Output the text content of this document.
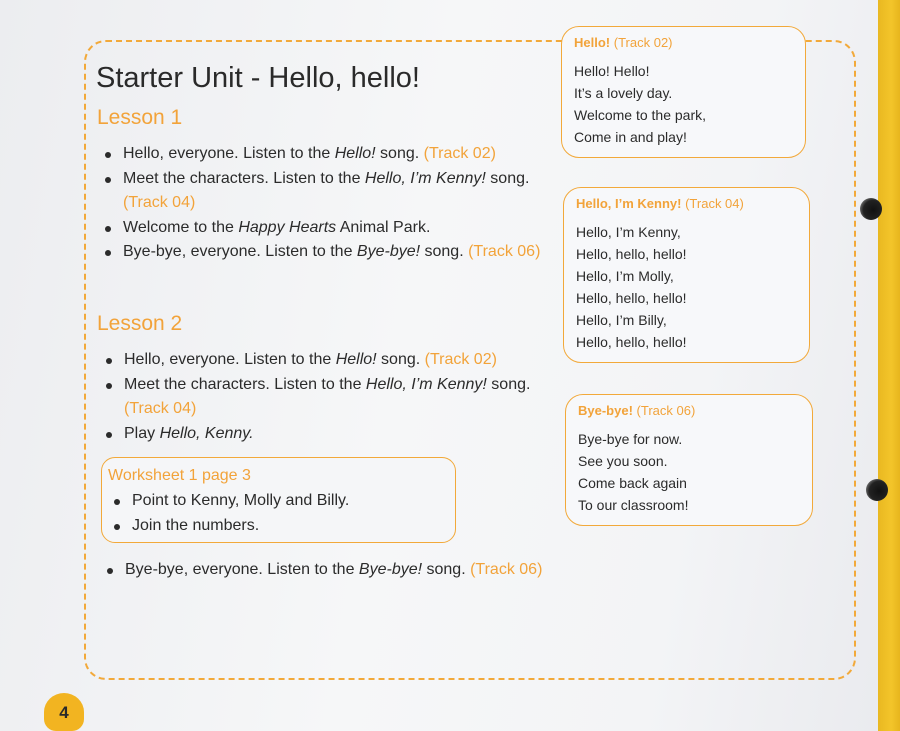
Starter Unit - Hello, hello!
Lesson 1
Hello, everyone. Listen to the Hello! song. (Track 02)
Meet the characters. Listen to the Hello, I’m Kenny! song.
(Track 04)
Welcome to the Happy Hearts Animal Park.
Bye-bye, everyone. Listen to the Bye-bye! song. (Track 06)
Lesson 2
Hello, everyone. Listen to the Hello! song. (Track 02)
Meet the characters. Listen to the Hello, I’m Kenny! song.
(Track 04)
Play Hello, Kenny.
Worksheet 1 page 3
Point to Kenny, Molly and Billy.
Join the numbers.
Bye-bye, everyone. Listen to the Bye-bye! song. (Track 06)
Hello! (Track 02)
Hello! Hello!
It’s a lovely day.
Welcome to the park,
Come in and play!
Hello, I’m Kenny! (Track 04)
Hello, I’m Kenny,
Hello, hello, hello!
Hello, I’m Molly,
Hello, hello, hello!
Hello, I’m Billy,
Hello, hello, hello!
Bye-bye! (Track 06)
Bye-bye for now.
See you soon.
Come back again
To our classroom!
4
